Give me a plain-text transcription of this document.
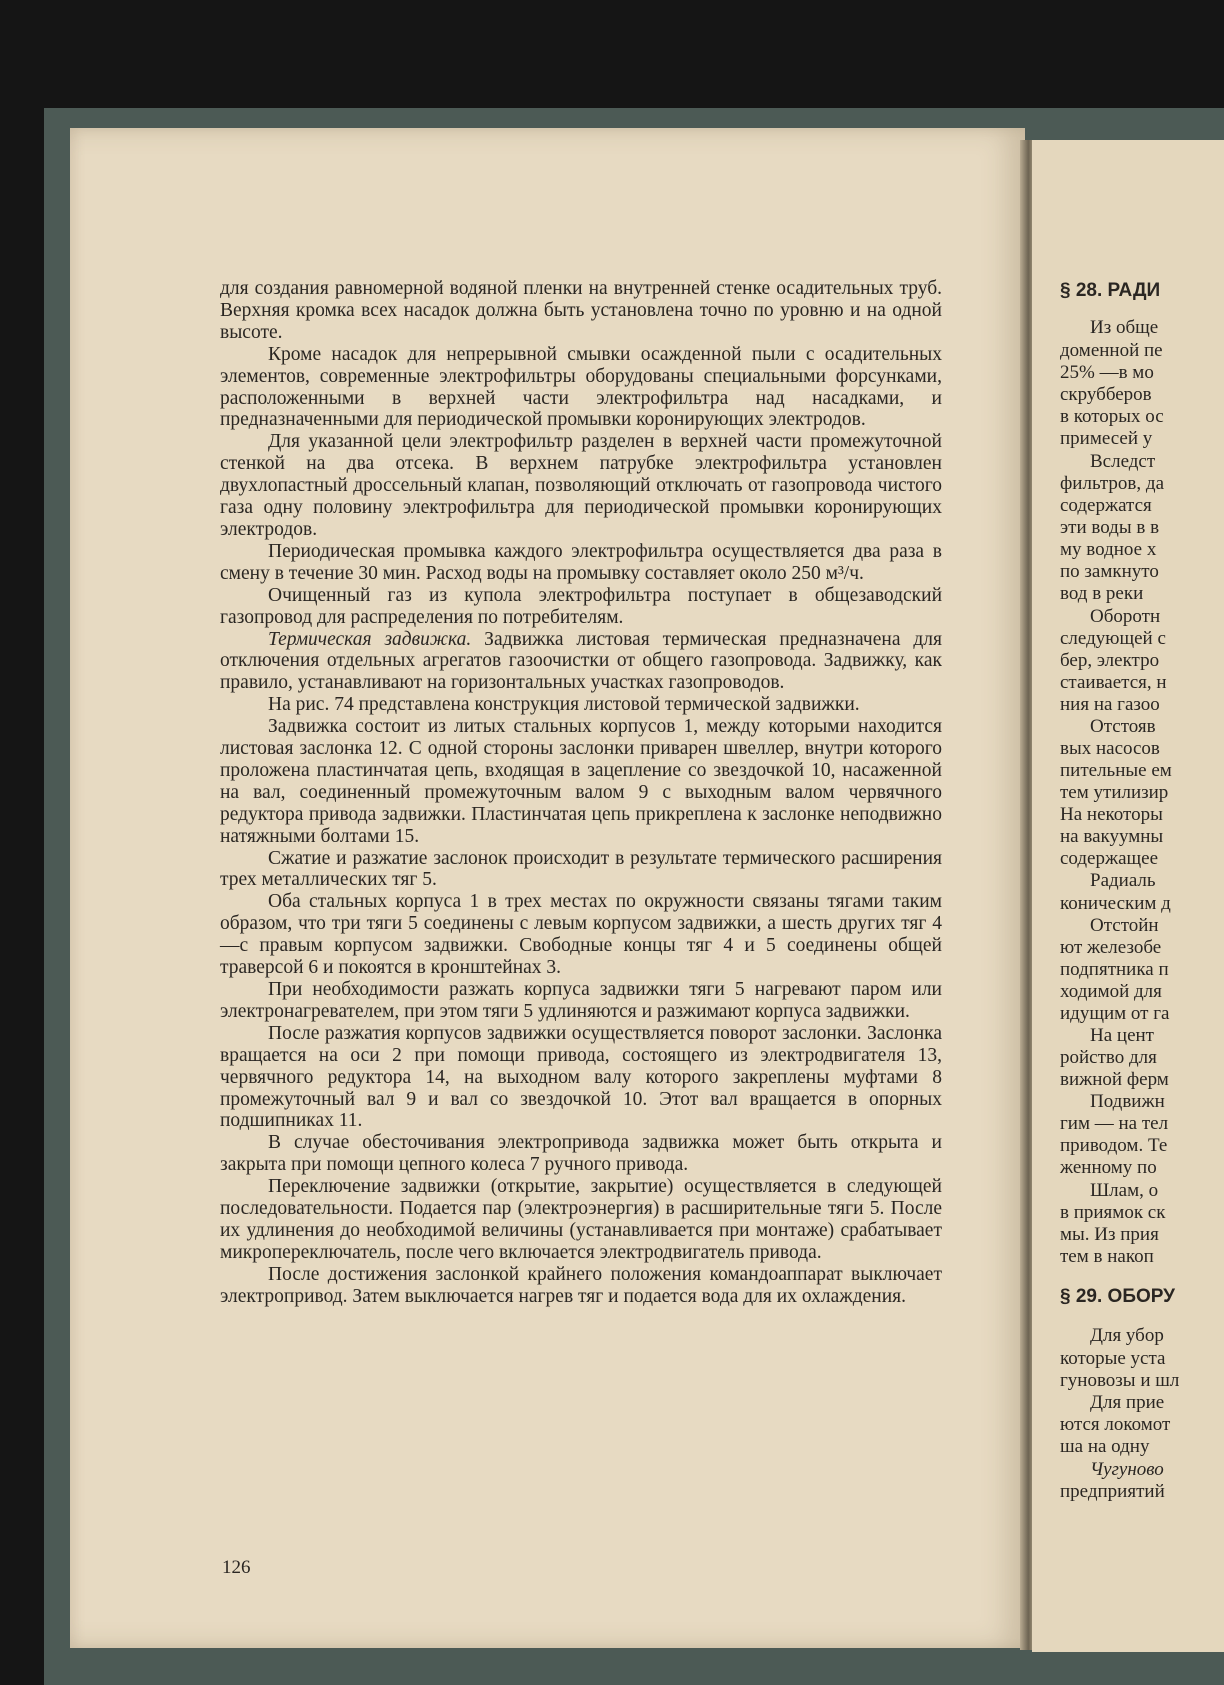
для создания равномерной водяной пленки на внутренней стенке осадительных труб. Верхняя кромка всех насадок должна быть установлена точно по уровню и на одной высоте.

Кроме насадок для непрерывной смывки осажденной пыли с осадительных элементов, современные электрофильтры оборудованы специальными форсунками, расположенными в верхней части электрофильтра над насадками, и предназначенными для периодической промывки коронирующих электродов.

Для указанной цели электрофильтр разделен в верхней части промежуточной стенкой на два отсека. В верхнем патрубке электрофильтра установлен двухлопастный дроссельный клапан, позволяющий отключать от газопровода чистого газа одну половину электрофильтра для периодической промывки коронирующих электродов.

Периодическая промывка каждого электрофильтра осуществляется два раза в смену в течение 30 мин. Расход воды на промывку составляет около 250 м³/ч.

Очищенный газ из купола электрофильтра поступает в общезаводский газопровод для распределения по потребителям.

Термическая задвижка. Задвижка листовая термическая предназначена для отключения отдельных агрегатов газоочистки от общего газопровода. Задвижку, как правило, устанавливают на горизонтальных участках газопроводов.

На рис. 74 представлена конструкция листовой термической задвижки.

Задвижка состоит из литых стальных корпусов 1, между которыми находится листовая заслонка 12. С одной стороны заслонки приварен швеллер, внутри которого проложена пластинчатая цепь, входящая в зацепление со звездочкой 10, насаженной на вал, соединенный промежуточным валом 9 с выходным валом червячного редуктора привода задвижки. Пластинчатая цепь прикреплена к заслонке неподвижно натяжными болтами 15.

Сжатие и разжатие заслонок происходит в результате термического расширения трех металлических тяг 5.

Оба стальных корпуса 1 в трех местах по окружности связаны тягами таким образом, что три тяги 5 соединены с левым корпусом задвижки, а шесть других тяг 4—с правым корпусом задвижки. Свободные концы тяг 4 и 5 соединены общей траверсой 6 и покоятся в кронштейнах 3.

При необходимости разжать корпуса задвижки тяги 5 нагревают паром или электронагревателем, при этом тяги 5 удлиняются и разжимают корпуса задвижки.

После разжатия корпусов задвижки осуществляется поворот заслонки. Заслонка вращается на оси 2 при помощи привода, состоящего из электродвигателя 13, червячного редуктора 14, на выходном валу которого закреплены муфтами 8 промежуточный вал 9 и вал со звездочкой 10. Этот вал вращается в опорных подшипниках 11.

В случае обесточивания электропривода задвижка может быть открыта и закрыта при помощи цепного колеса 7 ручного привода.

Переключение задвижки (открытие, закрытие) осуществляется в следующей последовательности. Подается пар (электроэнергия) в расширительные тяги 5. После их удлинения до необходимой величины (устанавливается при монтаже) срабатывает микропереключатель, после чего включается электродвигатель привода.

После достижения заслонкой крайнего положения командоаппарат выключает электропривод. Затем выключается нагрев тяг и подается вода для их охлаждения.

126
§ 28. РАДИ
Из обще
доменной пе
25% —в мо
скрубберов
в которых ос
примесей у
Вследст
фильтров, да
содержатся
эти воды в в
му водное х
по замкнуто
вод в реки
Оборотн
следующей с
бер, электро
стаивается, н
ния на газоо
Отстояв
вых насосов
пительные ем
тем утилизир
На некоторы
на вакуумны
содержащее
Радиаль
коническим д
Отстойн
ют железобе
подпятника п
ходимой для
идущим от га
На цент
ройство для
вижной ферм
Подвижн
гим — на тел
приводом. Те
женному по
Шлам, о
в приямок ск
мы. Из прия
тем в накоп
§ 29. ОБОРУ
Для убор
которые уста
гуновозы и шл
Для прие
ются локомот
ша на одну
Чугуново
предприятий
